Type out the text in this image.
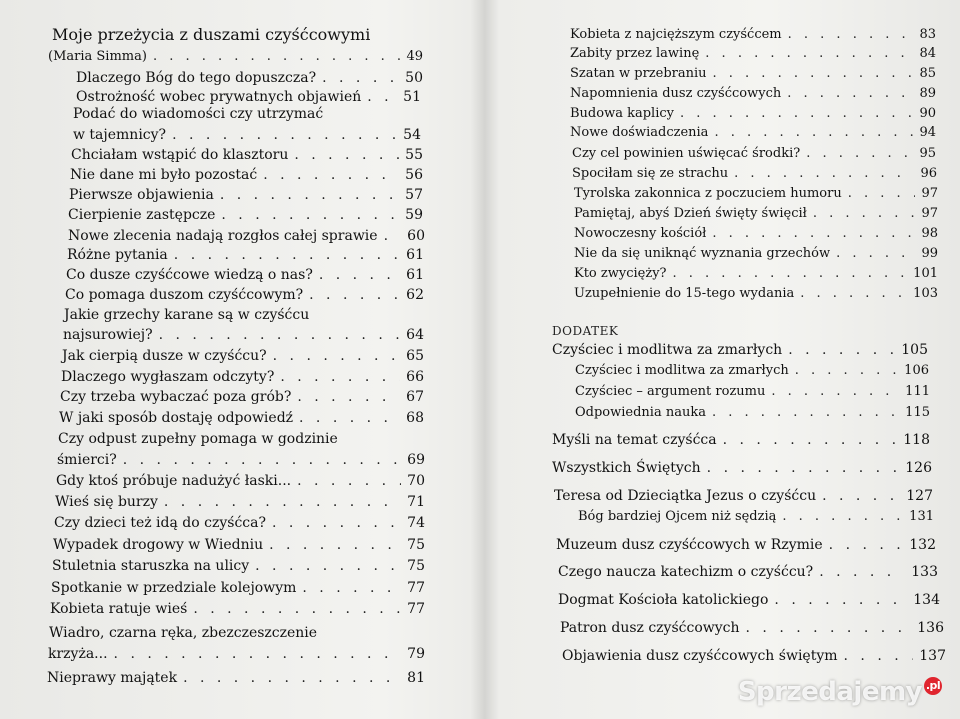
Moje przeżycia z duszami czyśćcowymi
(Maria Simma) . . .	49
Dlaczego Bóg do tego dopuszcza? . . .	50
Ostrożność wobec prywatnych objawień . . .	51
Podać do wiadomości czy utrzymać
w tajemnicy? . . .	54
Chciałam wstąpić do klasztoru . . .	55
Nie dane mi było pozostać . . .	56
Pierwsze objawienia . . .	57
Cierpienie zastępcze . . .	59
Nowe zlecenia nadają rozgłos całej sprawie . . . 60
Różne pytania . . .	61
Co dusze czyśćcowe wiedzą o nas? . . .	61
Co pomaga duszom czyśćcowym? . . .	62
Jakie grzechy karane są w czyśćcu
najsurowiej? . . .	64
Jak cierpią dusze w czyśćcu? . . .	65
Dlaczego wygłaszam odczyty? . . .	66
Czy trzeba wybaczać poza grób? . . .	67
W jaki sposób dostaję odpowiedź . . .	68
Czy odpust zupełny pomaga w godzinie
śmierci? . . .	69
Gdy ktoś próbuje nadużyć łaski... . . .	70
Wieś się burzy . . .	71
Czy dzieci też idą do czyśćca? . . .	74
Wypadek drogowy w Wiedniu . . .	75
Stuletnia staruszka na ulicy . . .	75
Spotkanie w przedziale kolejowym . . .	77
Kobieta ratuje wieś . . .	77
Wiadro, czarna ręka, zbezczeszczenie
krzyża... . . .	79
Nieprawy majątek . . .	81
Kobieta z najcięższym czyśćcem . . .	83
Zabity przez lawinę . . .	84
Szatan w przebraniu . . .	85
Napomnienia dusz czyśćcowych . . .	89
Budowa kaplicy . . .	90
Nowe doświadczenia . . .	94
Czy cel powinien uświęcać środki? . . .	95
Spociłam się ze strachu . . .	96
Tyrolska zakonnica z poczuciem humoru . . .	97
Pamiętaj, abyś Dzień święty święcił . . .	97
Nowoczesny kościół . . .	98
Nie da się uniknąć wyznania grzechów . . .	99
Kto zwycięży? . . .	101
Uzupełnienie do 15-tego wydania . . .	103
DODATEK
Czyściec i modlitwa za zmarłych . . .	105
Czyściec i modlitwa za zmarłych . . .	106
Czyściec – argument rozumu . . .	111
Odpowiednia nauka . . .	115
Myśli na temat czyśćca . . .	118
Wszystkich Świętych . . .	126
Teresa od Dzieciątka Jezus o czyśćcu . . .	127
Bóg bardziej Ojcem niż sędzią . . .	131
Muzeum dusz czyśćcowych w Rzymie . . .	132
Czego naucza katechizm o czyśćcu? . . .	133
Dogmat Kościoła katolickiego . . .	134
Patron dusz czyśćcowych . . .	136
Objawienia dusz czyśćcowych świętym . . .	137
Sprzedajemy .pl
